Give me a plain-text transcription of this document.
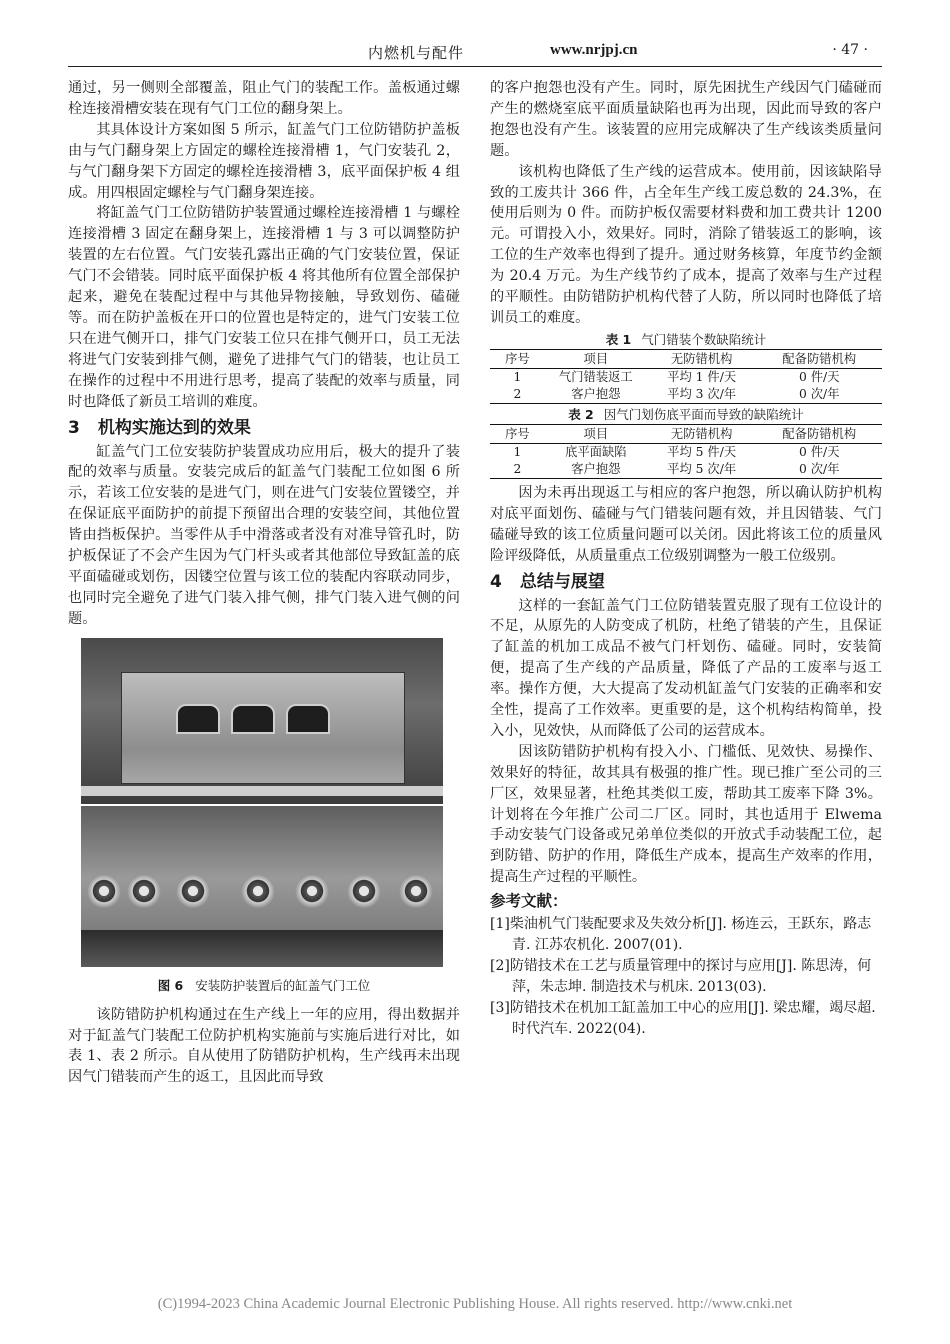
内燃机与配件	www.nrjpj.cn	· 47 ·

通过，另一侧则全部覆盖，阻止气门的装配工作。盖板通过螺栓连接滑槽安装在现有气门工位的翻身架上。

其具体设计方案如图 5 所示，缸盖气门工位防错防护盖板由与气门翻身架上方固定的螺栓连接滑槽 1，气门安装孔 2，与气门翻身架下方固定的螺栓连接滑槽 3，底平面保护板 4 组成。用四根固定螺栓与气门翻身架连接。

将缸盖气门工位防错防护装置通过螺栓连接滑槽 1 与螺栓连接滑槽 3 固定在翻身架上，连接滑槽 1 与 3 可以调整防护装置的左右位置。气门安装孔露出正确的气门安装位置，保证气门不会错装。同时底平面保护板 4 将其他所有位置全部保护起来，避免在装配过程中与其他异物接触，导致划伤、磕碰等。而在防护盖板在开口的位置也是特定的，进气门安装工位只在进气侧开口，排气门安装工位只在排气侧开口，员工无法将进气门安装到排气侧，避免了进排气气门的错装，也让员工在操作的过程中不用进行思考，提高了装配的效率与质量，同时也降低了新员工培训的难度。

3 机构实施达到的效果

缸盖气门工位安装防护装置成功应用后，极大的提升了装配的效率与质量。安装完成后的缸盖气门装配工位如图 6 所示，若该工位安装的是进气门，则在进气门安装位置镂空，并在保证底平面防护的前提下预留出合理的安装空间，其他位置皆由挡板保护。当零件从手中滑落或者没有对准导管孔时，防护板保证了不会产生因为气门杆头或者其他部位导致缸盖的底平面磕碰或划伤，因镂空位置与该工位的装配内容联动同步，也同时完全避免了进气门装入排气侧，排气门装入进气侧的问题。

图 6 安装防护装置后的缸盖气门工位

该防错防护机构通过在生产线上一年的应用，得出数据并对于缸盖气门装配工位防护机构实施前与实施后进行对比，如表 1、表 2 所示。自从使用了防错防护机构，生产线再未出现因气门错装而产生的返工，且因此而导致

的客户抱怨也没有产生。同时，原先困扰生产线因气门磕碰而产生的燃烧室底平面质量缺陷也再为出现，因此而导致的客户抱怨也没有产生。该装置的应用完成解决了生产线该类质量问题。

该机构也降低了生产线的运营成本。使用前，因该缺陷导致的工废共计 366 件，占全年生产线工废总数的 24.3%，在使用后则为 0 件。而防护板仅需要材料费和加工费共计 1200 元。可谓投入小，效果好。同时，消除了错装返工的影响，该工位的生产效率也得到了提升。通过财务核算，年度节约金额为 20.4 万元。为生产线节约了成本，提高了效率与生产过程的平顺性。由防错防护机构代替了人防，所以同时也降低了培训员工的难度。

表 1 气门错装个数缺陷统计
序号	项目	无防错机构	配备防错机构
1	气门错装返工	平均 1 件/天	0 件/天
2	客户抱怨	平均 3 次/年	0 次/年
表 2 因气门划伤底平面而导致的缺陷统计
序号	项目	无防错机构	配备防错机构
1	底平面缺陷	平均 5 件/天	0 件/天
2	客户抱怨	平均 5 次/年	0 次/年

因为未再出现返工与相应的客户抱怨，所以确认防护机构对底平面划伤、磕碰与气门错装问题有效，并且因错装、气门磕碰导致的该工位质量问题可以关闭。因此将该工位的质量风险评级降低，从质量重点工位级别调整为一般工位级别。

4 总结与展望

这样的一套缸盖气门工位防错装置克服了现有工位设计的不足，从原先的人防变成了机防，杜绝了错装的产生，且保证了缸盖的机加工成品不被气门杆划伤、磕碰。同时，安装简便，提高了生产线的产品质量，降低了产品的工废率与返工率。操作方便，大大提高了发动机缸盖气门安装的正确率和安全性，提高了工作效率。更重要的是，这个机构结构简单，投入小，见效快，从而降低了公司的运营成本。

因该防错防护机构有投入小、门槛低、见效快、易操作、效果好的特征，故其具有极强的推广性。现已推广至公司的三厂区，效果显著，杜绝其类似工废，帮助其工废率下降 3%。计划将在今年推广公司二厂区。同时，其也适用于 Elwema 手动安装气门设备或兄弟单位类似的开放式手动装配工位，起到防错、防护的作用，降低生产成本，提高生产效率的作用，提高生产过程的平顺性。

参考文献：
[1]柴油机气门装配要求及失效分析[J]. 杨连云，王跃东，路志青. 江苏农机化. 2007(01).
[2]防错技术在工艺与质量管理中的探讨与应用[J]. 陈思涛，何萍，朱志坤. 制造技术与机床. 2013(03).
[3]防错技术在机加工缸盖加工中心的应用[J]. 梁忠耀，竭尽超. 时代汽车. 2022(04).
(C)1994-2023 China Academic Journal Electronic Publishing House. All rights reserved. http://www.cnki.net
